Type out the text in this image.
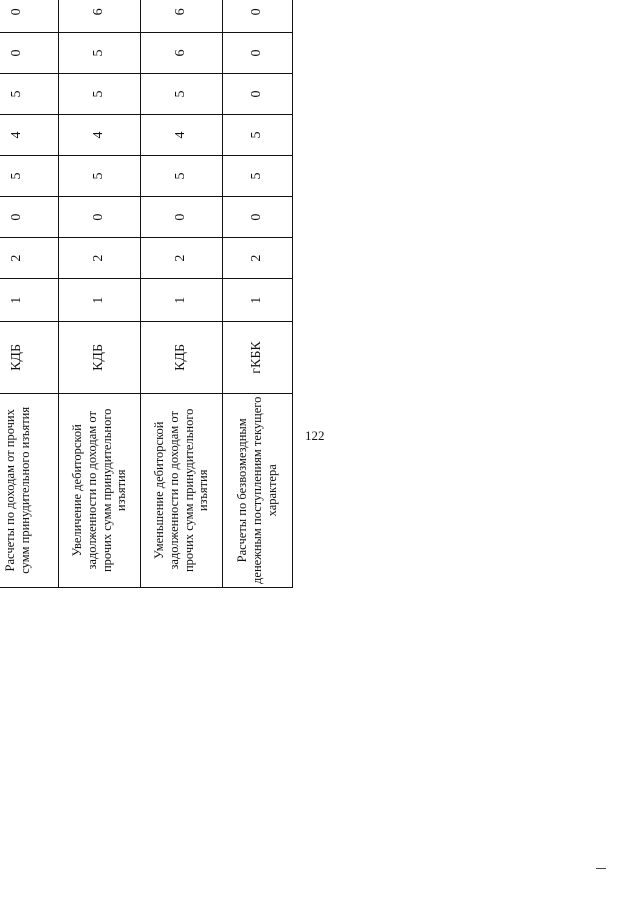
122

Расчеты по доходам от прочих сумм принудительного изъятия	КДБ	1	2	0	5	4	5	0	0		
Увеличение дебиторской задолженности по доходам от прочих сумм принудительного изъятия	КДБ	1	2	0	5	4	5	5	6		
Уменьшение дебиторской задолженности по доходам от прочих сумм принудительного изъятия	КДБ	1	2	0	5	4	5	6	6		
Расчеты по безвозмездным денежным поступлениям текущего характера	гКБК	1	2	0	5	5	0	0	0		
